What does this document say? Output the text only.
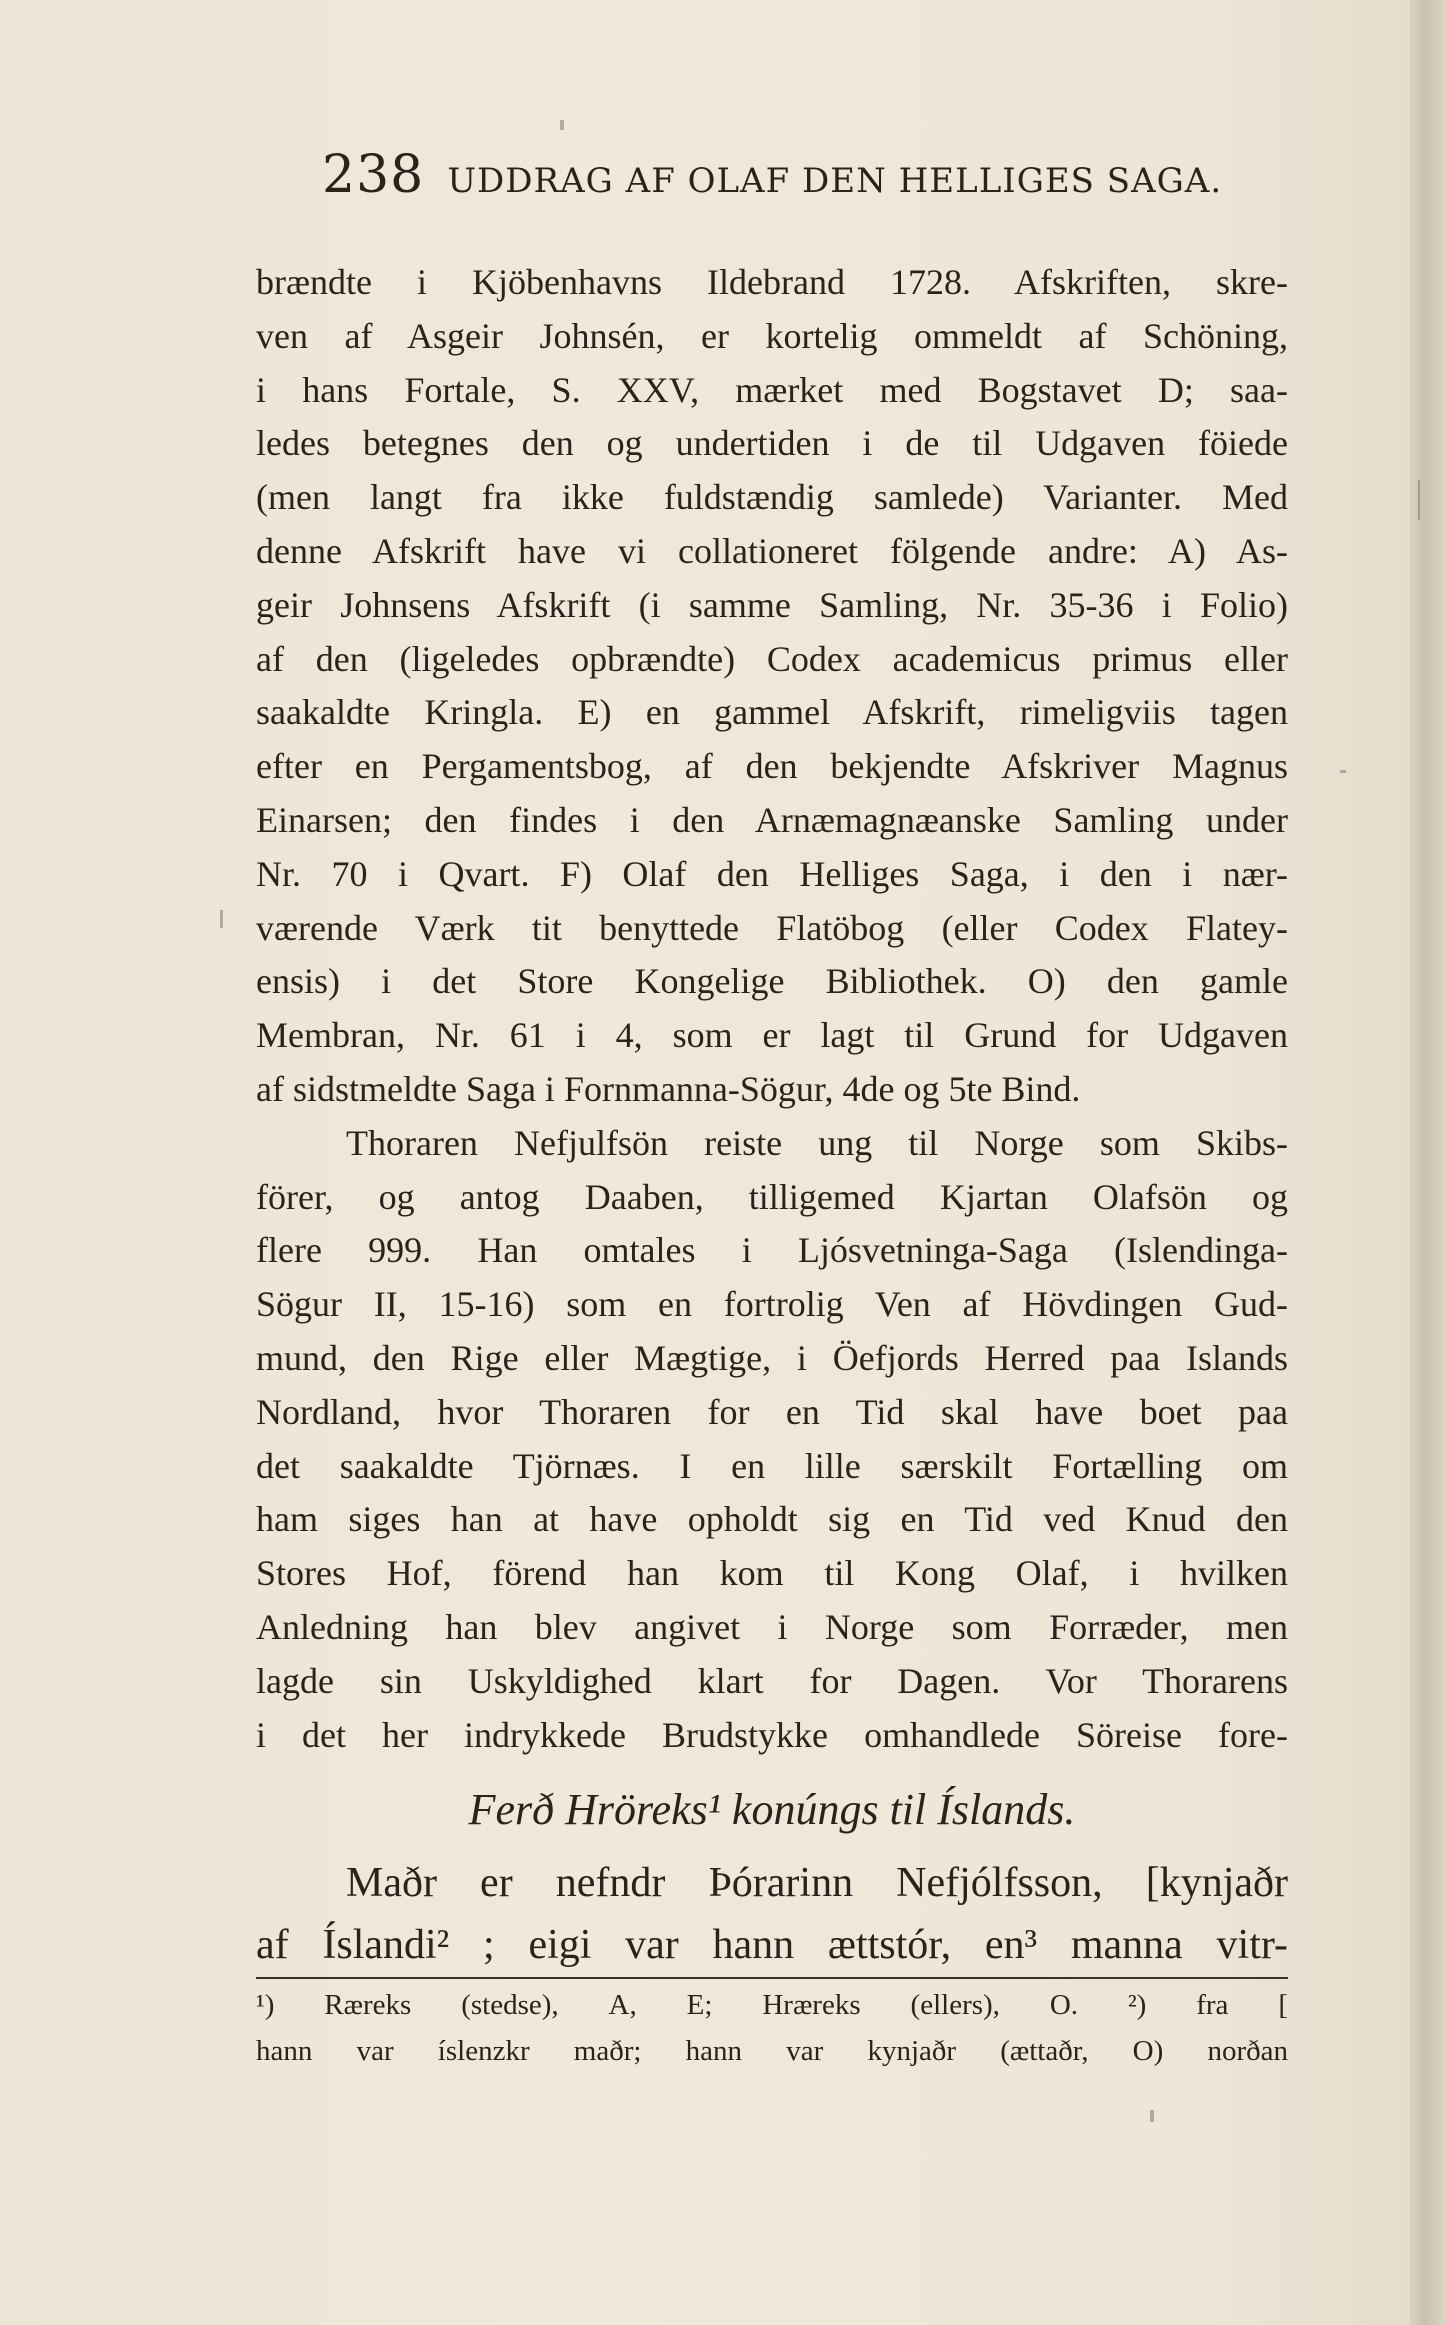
238 UDDRAG AF OLAF DEN HELLIGES SAGA.
brændte i Kjöbenhavns Ildebrand 1728. Afskriften, skre-
ven af Asgeir Johnsén, er kortelig ommeldt af Schöning,
i hans Fortale, S. XXV, mærket med Bogstavet D; saa-
ledes betegnes den og undertiden i de til Udgaven föiede
(men langt fra ikke fuldstændig samlede) Varianter. Med
denne Afskrift have vi collationeret fölgende andre: A) As-
geir Johnsens Afskrift (i samme Samling, Nr. 35-36 i Folio)
af den (ligeledes opbrændte) Codex academicus primus eller
saakaldte Kringla. E) en gammel Afskrift, rimeligviis tagen
efter en Pergamentsbog, af den bekjendte Afskriver Magnus
Einarsen; den findes i den Arnæmagnæanske Samling under
Nr. 70 i Qvart. F) Olaf den Helliges Saga, i den i nær-
værende Værk tit benyttede Flatöbog (eller Codex Flatey-
ensis) i det Store Kongelige Bibliothek. O) den gamle
Membran, Nr. 61 i 4, som er lagt til Grund for Udgaven
af sidstmeldte Saga i Fornmanna-Sögur, 4de og 5te Bind.
Thoraren Nefjulfsön reiste ung til Norge som Skibs-
förer, og antog Daaben, tilligemed Kjartan Olafsön og
flere 999. Han omtales i Ljósvetninga-Saga (Islendinga-
Sögur II, 15-16) som en fortrolig Ven af Hövdingen Gud-
mund, den Rige eller Mægtige, i Öefjords Herred paa Islands
Nordland, hvor Thoraren for en Tid skal have boet paa
det saakaldte Tjörnæs. I en lille særskilt Fortælling om
ham siges han at have opholdt sig en Tid ved Knud den
Stores Hof, förend han kom til Kong Olaf, i hvilken
Anledning han blev angivet i Norge som Forræder, men
lagde sin Uskyldighed klart for Dagen. Vor Thorarens
i det her indrykkede Brudstykke omhandlede Söreise fore-
Ferð Hröreks¹ konúngs til Íslands.
Maðr er nefndr Þórarinn Nefjólfsson, [kynjaðr
af Íslandi² ; eigi var hann ættstór, en³ manna vitr-
¹) Rærekѕ (stedse), A, E; Hrærekѕ (ellers), O. ²) fra [
hann var íslenzkr maðr; hann var kynjaðr (ættaðr, O) norðan
